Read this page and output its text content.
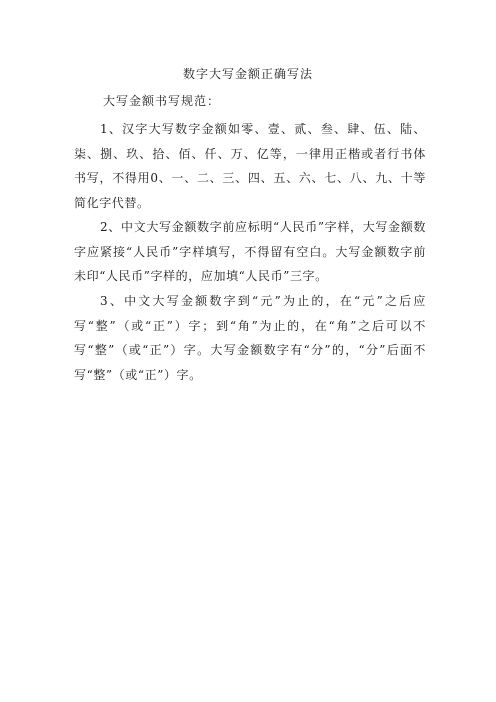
数字大写金额正确写法
大写金额书写规范：

1、汉字大写数字金额如零、壹、贰、叁、肆、伍、陆、柒、捌、玖、拾、佰、仟、万、亿等，一律用正楷或者行书体书写，不得用0、一、二、三、四、五、六、七、八、九、十等简化字代替。

2、中文大写金额数字前应标明“人民币”字样，大写金额数字应紧接“人民币”字样填写，不得留有空白。大写金额数字前未印“人民币”字样的，应加填“人民币”三字。

3、中文大写金额数字到“元”为止的，在“元”之后应写“整”（或“正”）字；到“角”为止的，在“角”之后可以不写“整”（或“正”）字。大写金额数字有“分”的，“分”后面不写“整”（或“正”）字。
